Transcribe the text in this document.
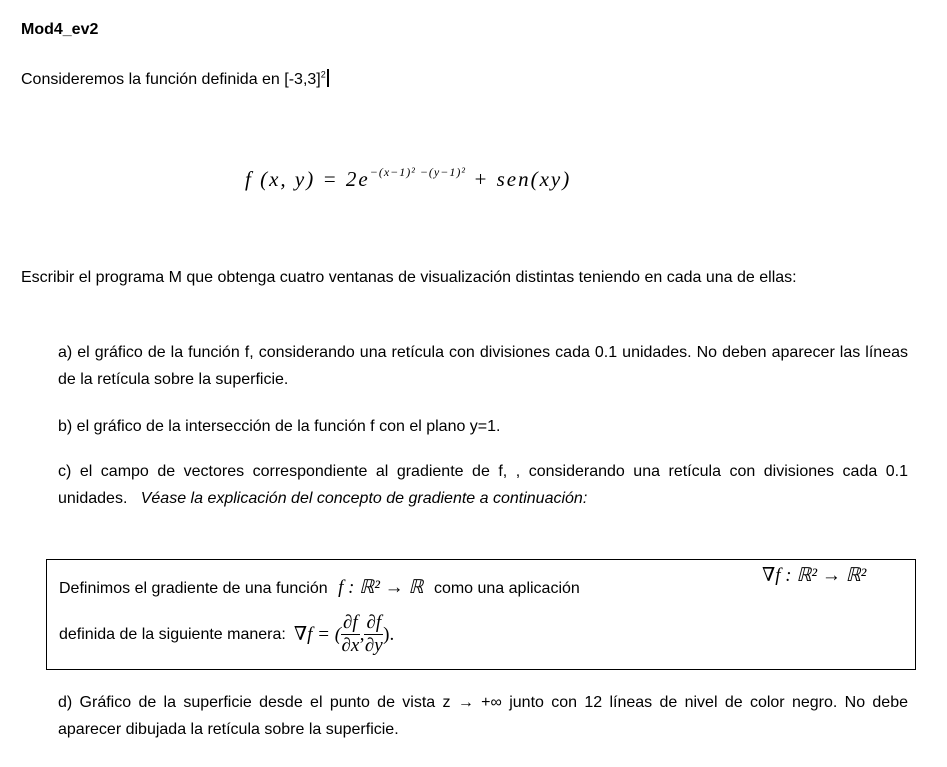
Mod4_ev2
Consideremos la función definida en $[-3,3]^2$
f (x, $y) = 2e^{-(x-1)^2 -(y-1)^2} + sen(xy)$
Escribir el programa M que obtenga cuatro ventanas de visualización distintas teniendo en cada una de ellas:
a) el gráfico de la función f, considerando una retícula con divisiones cada 0.1 unidades. No deben aparecer las líneas de la retícula sobre la superficie.
b) el gráfico de la intersección de la función f con el plano y=1.
c) el campo de vectores correspondiente al gradiente de f, , considerando una retícula con divisiones cada 0.1 unidades. Véase la explicación del concepto de gradiente a continuación:
Definimos el gradiente de una función f : ℝ² → ℝ como una aplicación
∇f : ℝ² → ℝ²
definida de la siguiente manera: ∇f = ( $\frac{\partial f}{\partial x}$ , $\frac{\partial f}{\partial y}$ ).
d) Gráfico de la superficie desde el punto de vista z → +∞ junto con 12 líneas de nivel de color negro. No debe aparecer dibujada la retícula sobre la superficie.
